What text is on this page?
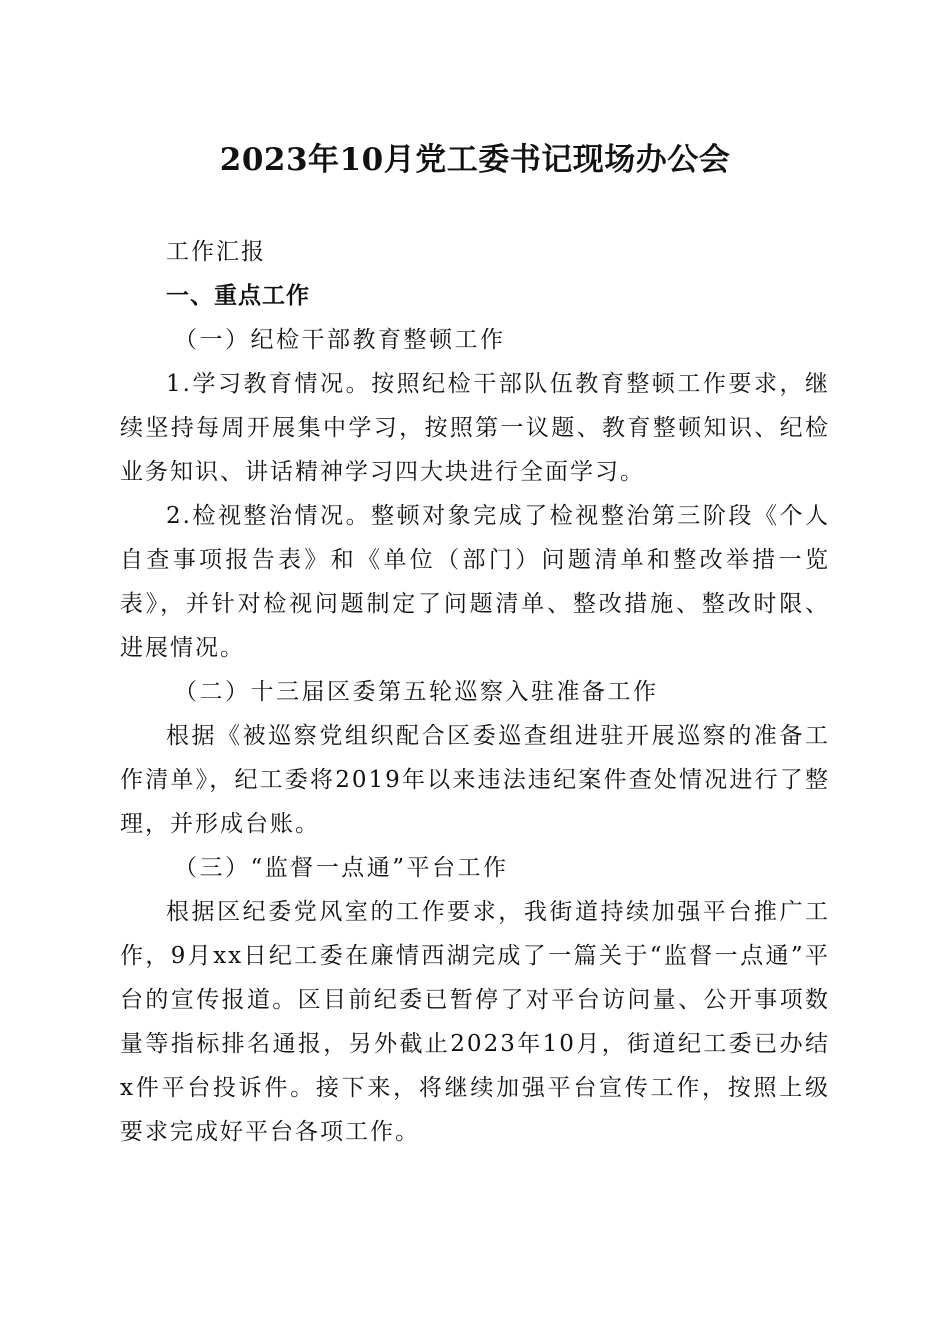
2023年10月党工委书记现场办公会

工作汇报

一、重点工作

（一）纪检干部教育整顿工作

1.学习教育情况。按照纪检干部队伍教育整顿工作要求，继续坚持每周开展集中学习，按照第一议题、教育整顿知识、纪检业务知识、讲话精神学习四大块进行全面学习。

2.检视整治情况。整顿对象完成了检视整治第三阶段《个人自查事项报告表》和《单位（部门）问题清单和整改举措一览表》，并针对检视问题制定了问题清单、整改措施、整改时限、进展情况。

（二）十三届区委第五轮巡察入驻准备工作

根据《被巡察党组织配合区委巡查组进驻开展巡察的准备工作清单》，纪工委将2019年以来违法违纪案件查处情况进行了整理，并形成台账。

（三）“监督一点通”平台工作

根据区纪委党风室的工作要求，我街道持续加强平台推广工作，9月xx日纪工委在廉情西湖完成了一篇关于“监督一点通”平台的宣传报道。区目前纪委已暂停了对平台访问量、公开事项数量等指标排名通报，另外截止2023年10月，街道纪工委已办结x件平台投诉件。接下来，将继续加强平台宣传工作，按照上级要求完成好平台各项工作。
